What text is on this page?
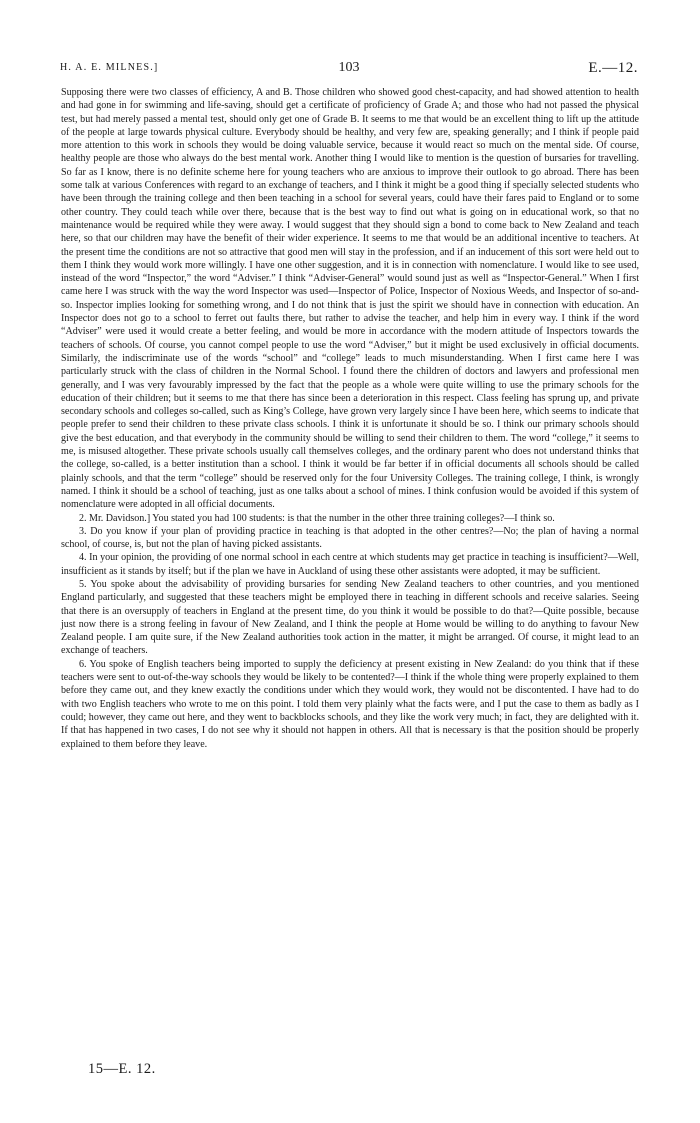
H. A. E. MILNES.]	103	E.—12.

Supposing there were two classes of efficiency, A and B. Those children who showed good chest-capacity, and had showed attention to health and had gone in for swimming and life-saving, should get a certificate of proficiency of Grade A; and those who had not passed the physical test, but had merely passed a mental test, should only get one of Grade B. It seems to me that would be an excellent thing to lift up the attitude of the people at large towards physical culture. Everybody should be healthy, and very few are, speaking generally; and I think if people paid more attention to this work in schools they would be doing valuable service, because it would react so much on the mental side. Of course, healthy people are those who always do the best mental work. Another thing I would like to mention is the question of bursaries for travelling. So far as I know, there is no definite scheme here for young teachers who are anxious to improve their outlook to go abroad. There has been some talk at various Conferences with regard to an exchange of teachers, and I think it might be a good thing if specially selected students who have been through the training college and then been teaching in a school for several years, could have their fares paid to England or to some other country. They could teach while over there, because that is the best way to find out what is going on in educational work, so that no maintenance would be required while they were away. I would suggest that they should sign a bond to come back to New Zealand and teach here, so that our children may have the benefit of their wider experience. It seems to me that would be an additional incentive to teachers. At the present time the conditions are not so attractive that good men will stay in the profession, and if an inducement of this sort were held out to them I think they would work more willingly. I have one other suggestion, and it is in connection with nomenclature. I would like to see used, instead of the word “Inspector,” the word “Adviser.” I think “Adviser-General” would sound just as well as “Inspector-General.” When I first came here I was struck with the way the word Inspector was used—Inspector of Police, Inspector of Noxious Weeds, and Inspector of so-and-so. Inspector implies looking for something wrong, and I do not think that is just the spirit we should have in connection with education. An Inspector does not go to a school to ferret out faults there, but rather to advise the teacher, and help him in every way. I think if the word “Adviser” were used it would create a better feeling, and would be more in accordance with the modern attitude of Inspectors towards the teachers of schools. Of course, you cannot compel people to use the word “Adviser,” but it might be used exclusively in official documents. Similarly, the indiscriminate use of the words “school” and “college” leads to much misunderstanding. When I first came here I was particularly struck with the class of children in the Normal School. I found there the children of doctors and lawyers and professional men generally, and I was very favourably impressed by the fact that the people as a whole were quite willing to use the primary schools for the education of their children; but it seems to me that there has since been a deterioration in this respect. Class feeling has sprung up, and private secondary schools and colleges so-called, such as King’s College, have grown very largely since I have been here, which seems to indicate that people prefer to send their children to these private class schools. I think it is unfortunate it should be so. I think our primary schools should give the best education, and that everybody in the community should be willing to send their children to them. The word “college,” it seems to me, is misused altogether. These private schools usually call themselves colleges, and the ordinary parent who does not understand thinks that the college, so-called, is a better institution than a school. I think it would be far better if in official documents all schools should be called plainly schools, and that the term “college” should be reserved only for the four University Colleges. The training college, I think, is wrongly named. I think it should be a school of teaching, just as one talks about a school of mines. I think confusion would be avoided if this system of nomenclature were adopted in all official documents.

2. Mr. Davidson.] You stated you had 100 students: is that the number in the other three training colleges?—I think so.

3. Do you know if your plan of providing practice in teaching is that adopted in the other centres?—No; the plan of having a normal school, of course, is, but not the plan of having picked assistants.

4. In your opinion, the providing of one normal school in each centre at which students may get practice in teaching is insufficient?—Well, insufficient as it stands by itself; but if the plan we have in Auckland of using these other assistants were adopted, it may be sufficient.

5. You spoke about the advisability of providing bursaries for sending New Zealand teachers to other countries, and you mentioned England particularly, and suggested that these teachers might be employed there in teaching in different schools and receive salaries. Seeing that there is an oversupply of teachers in England at the present time, do you think it would be possible to do that?—Quite possible, because just now there is a strong feeling in favour of New Zealand, and I think the people at Home would be willing to do anything to favour New Zealand people. I am quite sure, if the New Zealand authorities took action in the matter, it might be arranged. Of course, it might lead to an exchange of teachers.

6. You spoke of English teachers being imported to supply the deficiency at present existing in New Zealand: do you think that if these teachers were sent to out-of-the-way schools they would be likely to be contented?—I think if the whole thing were properly explained to them before they came out, and they knew exactly the conditions under which they would work, they would not be discontented. I have had to do with two English teachers who wrote to me on this point. I told them very plainly what the facts were, and I put the case to them as badly as I could; however, they came out here, and they went to backblocks schools, and they like the work very much; in fact, they are delighted with it. If that has happened in two cases, I do not see why it should not happen in others. All that is necessary is that the position should be properly explained to them before they leave.

15—E. 12.
